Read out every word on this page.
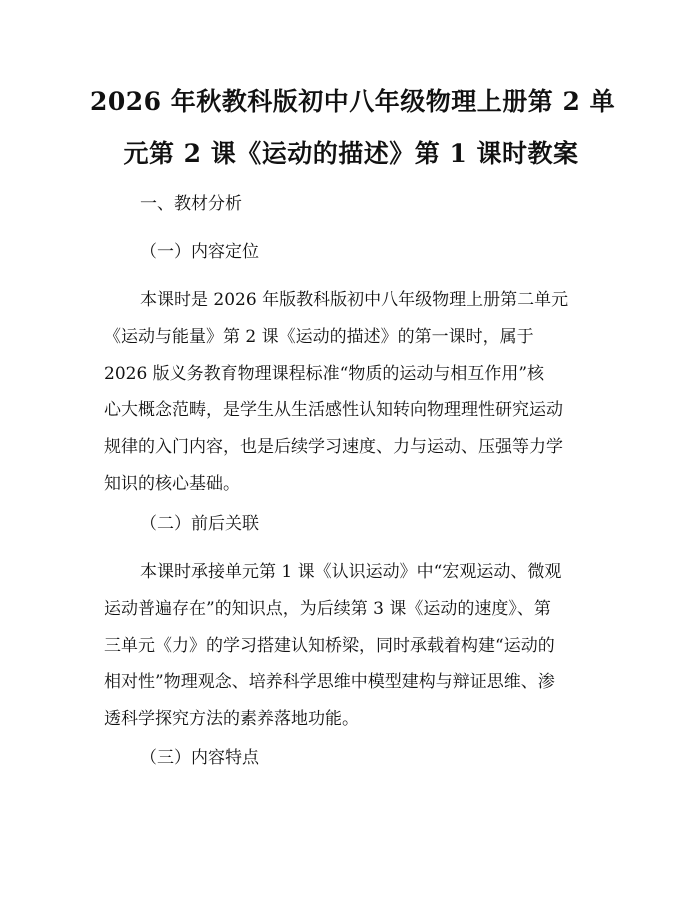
2026 年秋教科版初中八年级物理上册第 2 单
元第 2 课《运动的描述》第 1 课时教案
一、教材分析
（一）内容定位
本课时是 2026 年版教科版初中八年级物理上册第二单元
《运动与能量》第 2 课《运动的描述》的第一课时，属于
2026 版义务教育物理课程标准“物质的运动与相互作用”核
心大概念范畴，是学生从生活感性认知转向物理理性研究运动
规律的入门内容，也是后续学习速度、力与运动、压强等力学
知识的核心基础。
（二）前后关联
本课时承接单元第 1 课《认识运动》中“宏观运动、微观
运动普遍存在”的知识点，为后续第 3 课《运动的速度》、第
三单元《力》的学习搭建认知桥梁，同时承载着构建“运动的
相对性”物理观念、培养科学思维中模型建构与辩证思维、渗
透科学探究方法的素养落地功能。
（三）内容特点
